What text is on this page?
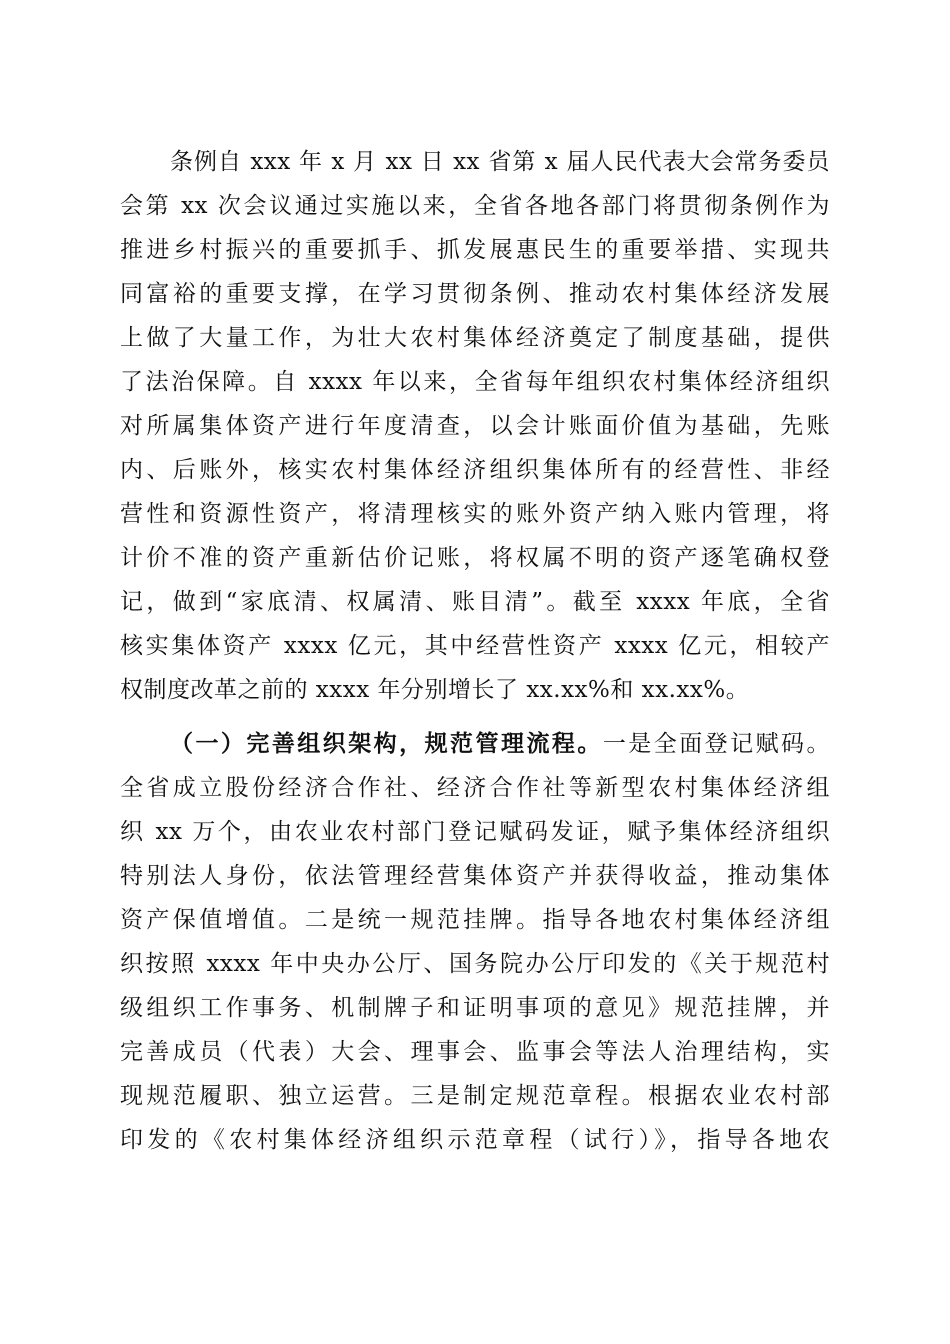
条例自 xxx 年 x 月 xx 日 xx 省第 x 届人民代表大会常务委员
会第 xx 次会议通过实施以来，全省各地各部门将贯彻条例作为
推进乡村振兴的重要抓手、抓发展惠民生的重要举措、实现共
同富裕的重要支撑，在学习贯彻条例、推动农村集体经济发展
上做了大量工作，为壮大农村集体经济奠定了制度基础，提供
了法治保障。自 xxxx 年以来，全省每年组织农村集体经济组织
对所属集体资产进行年度清查，以会计账面价值为基础，先账
内、后账外，核实农村集体经济组织集体所有的经营性、非经
营性和资源性资产，将清理核实的账外资产纳入账内管理，将
计价不准的资产重新估价记账，将权属不明的资产逐笔确权登
记，做到“家底清、权属清、账目清”。截至 xxxx 年底，全省
核实集体资产 xxxx 亿元，其中经营性资产 xxxx 亿元，相较产
权制度改革之前的 xxxx 年分别增长了 xx.xx%和 xx.xx%。
（一）完善组织架构，规范管理流程。一是全面登记赋码。
全省成立股份经济合作社、经济合作社等新型农村集体经济组
织 xx 万个，由农业农村部门登记赋码发证，赋予集体经济组织
特别法人身份，依法管理经营集体资产并获得收益，推动集体
资产保值增值。二是统一规范挂牌。指导各地农村集体经济组
织按照 xxxx 年中央办公厅、国务院办公厅印发的《关于规范村
级组织工作事务、机制牌子和证明事项的意见》规范挂牌，并
完善成员（代表）大会、理事会、监事会等法人治理结构，实
现规范履职、独立运营。三是制定规范章程。根据农业农村部
印发的《农村集体经济组织示范章程（试行）》，指导各地农
